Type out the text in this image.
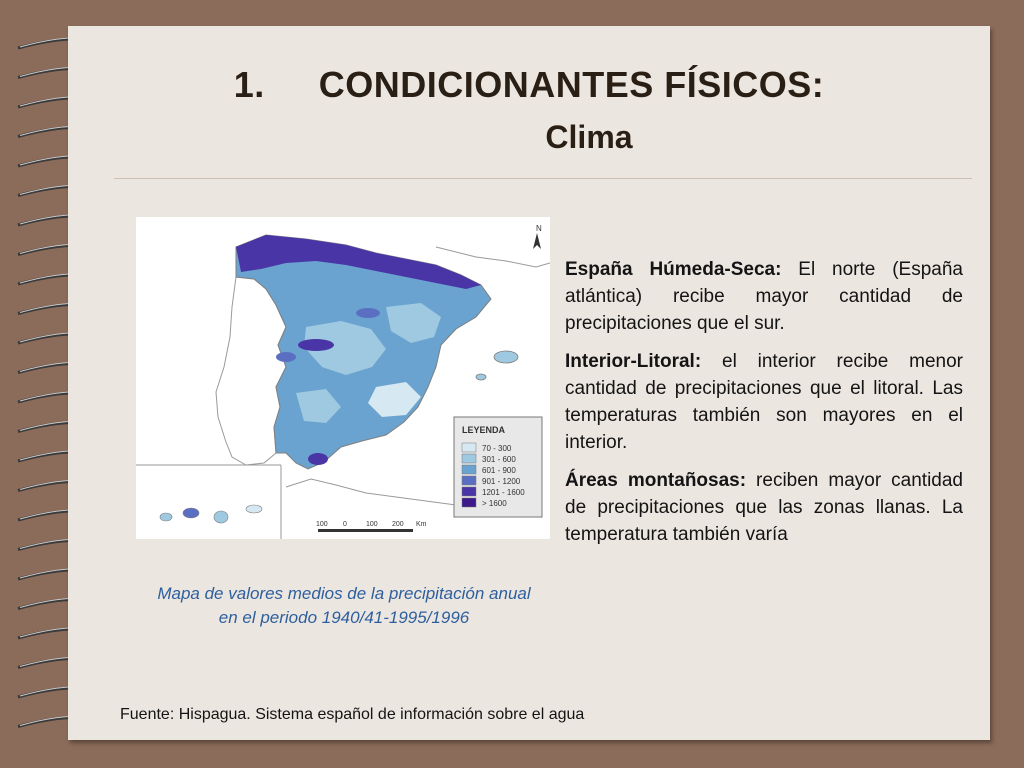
1. CONDICIONANTES FÍSICOS:
Clima
N
LEYENDA
70 - 300
301 - 600
601 - 900
901 - 1200
1201 - 1600
> 1600
100 0	100 200 Km
Mapa de valores medios de la precipitación anual en el periodo 1940/41-1995/1996

España Húmeda-Seca: El norte (España atlántica) recibe mayor cantidad de precipitaciones que el sur.

Interior-Litoral: el interior recibe menor cantidad de precipitaciones que el litoral. Las temperaturas también son mayores en el interior.

Áreas montañosas: reciben mayor cantidad de precipitaciones que las zonas llanas. La temperatura también varía

Fuente: Hispagua. Sistema español de información sobre el agua
